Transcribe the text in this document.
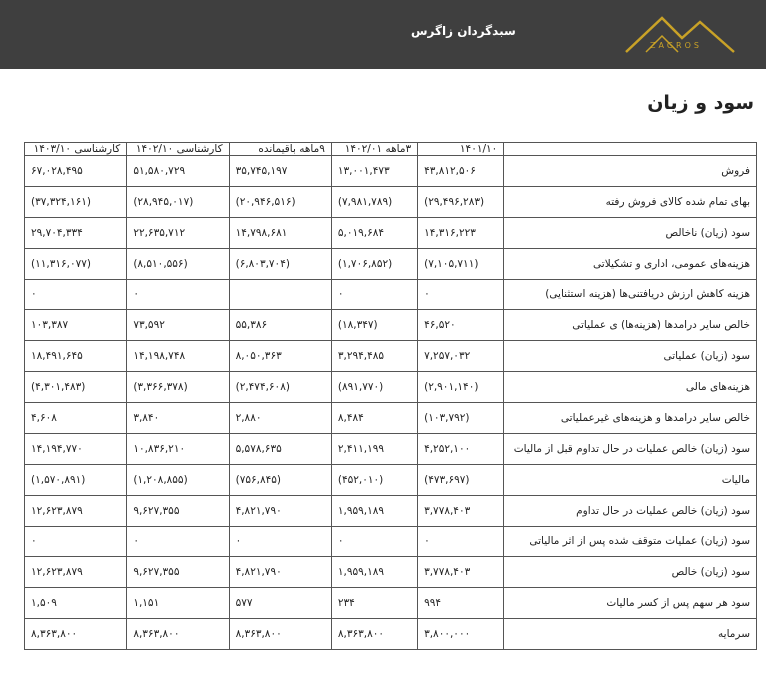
سبدگردان زاگرس
ZAGROS
سود و زیان
	۱۴۰۱/۱۰	۳ماهه ۱۴۰۲/۰۱	۹ماهه باقیمانده	کارشناسی ۱۴۰۲/۱۰	کارشناسی ۱۴۰۳/۱۰
فروش	۴۳,۸۱۲,۵۰۶	۱۳,۰۰۱,۴۷۳	۳۵,۷۴۵,۱۹۷	۵۱,۵۸۰,۷۲۹	۶۷,۰۲۸,۴۹۵
بهای تمام شده کالای فروش رفته	(۲۹,۴۹۶,۲۸۳)	(۷,۹۸۱,۷۸۹)	(۲۰,۹۴۶,۵۱۶)	(۲۸,۹۴۵,۰۱۷)	(۳۷,۳۲۴,۱۶۱)
سود (زیان) ناخالص	۱۴,۳۱۶,۲۲۳	۵,۰۱۹,۶۸۴	۱۴,۷۹۸,۶۸۱	۲۲,۶۳۵,۷۱۲	۲۹,۷۰۴,۳۳۴
هزینه‌های عمومی، اداری و تشکیلاتی	(۷,۱۰۵,۷۱۱)	(۱,۷۰۶,۸۵۲)	(۶,۸۰۳,۷۰۴)	(۸,۵۱۰,۵۵۶)	(۱۱,۳۱۶,۰۷۷)
هزینه کاهش ارزش دریافتنی‌ها (هزینه استثنایی)	۰	۰		۰	۰
خالص سایر درامدها (هزینه‌ها) ی عملیاتی	۴۶,۵۲۰	(۱۸,۳۴۷)	۵۵,۳۸۶	۷۳,۵۹۲	۱۰۳,۳۸۷
سود (زیان) عملیاتی	۷,۲۵۷,۰۳۲	۳,۲۹۴,۴۸۵	۸,۰۵۰,۳۶۳	۱۴,۱۹۸,۷۴۸	۱۸,۴۹۱,۶۴۵
هزینه‌های مالی	(۲,۹۰۱,۱۴۰)	(۸۹۱,۷۷۰)	(۲,۴۷۴,۶۰۸)	(۳,۳۶۶,۳۷۸)	(۴,۳۰۱,۴۸۳)
خالص سایر درامدها و هزینه‌های غیرعملیاتی	(۱۰۳,۷۹۲)	۸,۴۸۴	۲,۸۸۰	۳,۸۴۰	۴,۶۰۸
سود (زیان) خالص عملیات در حال تداوم قبل از مالیات	۴,۲۵۲,۱۰۰	۲,۴۱۱,۱۹۹	۵,۵۷۸,۶۳۵	۱۰,۸۳۶,۲۱۰	۱۴,۱۹۴,۷۷۰
مالیات	(۴۷۳,۶۹۷)	(۴۵۲,۰۱۰)	(۷۵۶,۸۴۵)	(۱,۲۰۸,۸۵۵)	(۱,۵۷۰,۸۹۱)
سود (زیان) خالص عملیات در حال تداوم	۳,۷۷۸,۴۰۳	۱,۹۵۹,۱۸۹	۴,۸۲۱,۷۹۰	۹,۶۲۷,۳۵۵	۱۲,۶۲۳,۸۷۹
سود (زیان) عملیات متوقف شده پس از اثر مالیاتی	۰	۰	۰	۰	۰
سود (زیان) خالص	۳,۷۷۸,۴۰۳	۱,۹۵۹,۱۸۹	۴,۸۲۱,۷۹۰	۹,۶۲۷,۳۵۵	۱۲,۶۲۳,۸۷۹
سود هر سهم پس از کسر مالیات	۹۹۴	۲۳۴	۵۷۷	۱,۱۵۱	۱,۵۰۹
سرمایه	۳,۸۰۰,۰۰۰	۸,۳۶۳,۸۰۰	۸,۳۶۳,۸۰۰	۸,۳۶۳,۸۰۰	۸,۳۶۳,۸۰۰
